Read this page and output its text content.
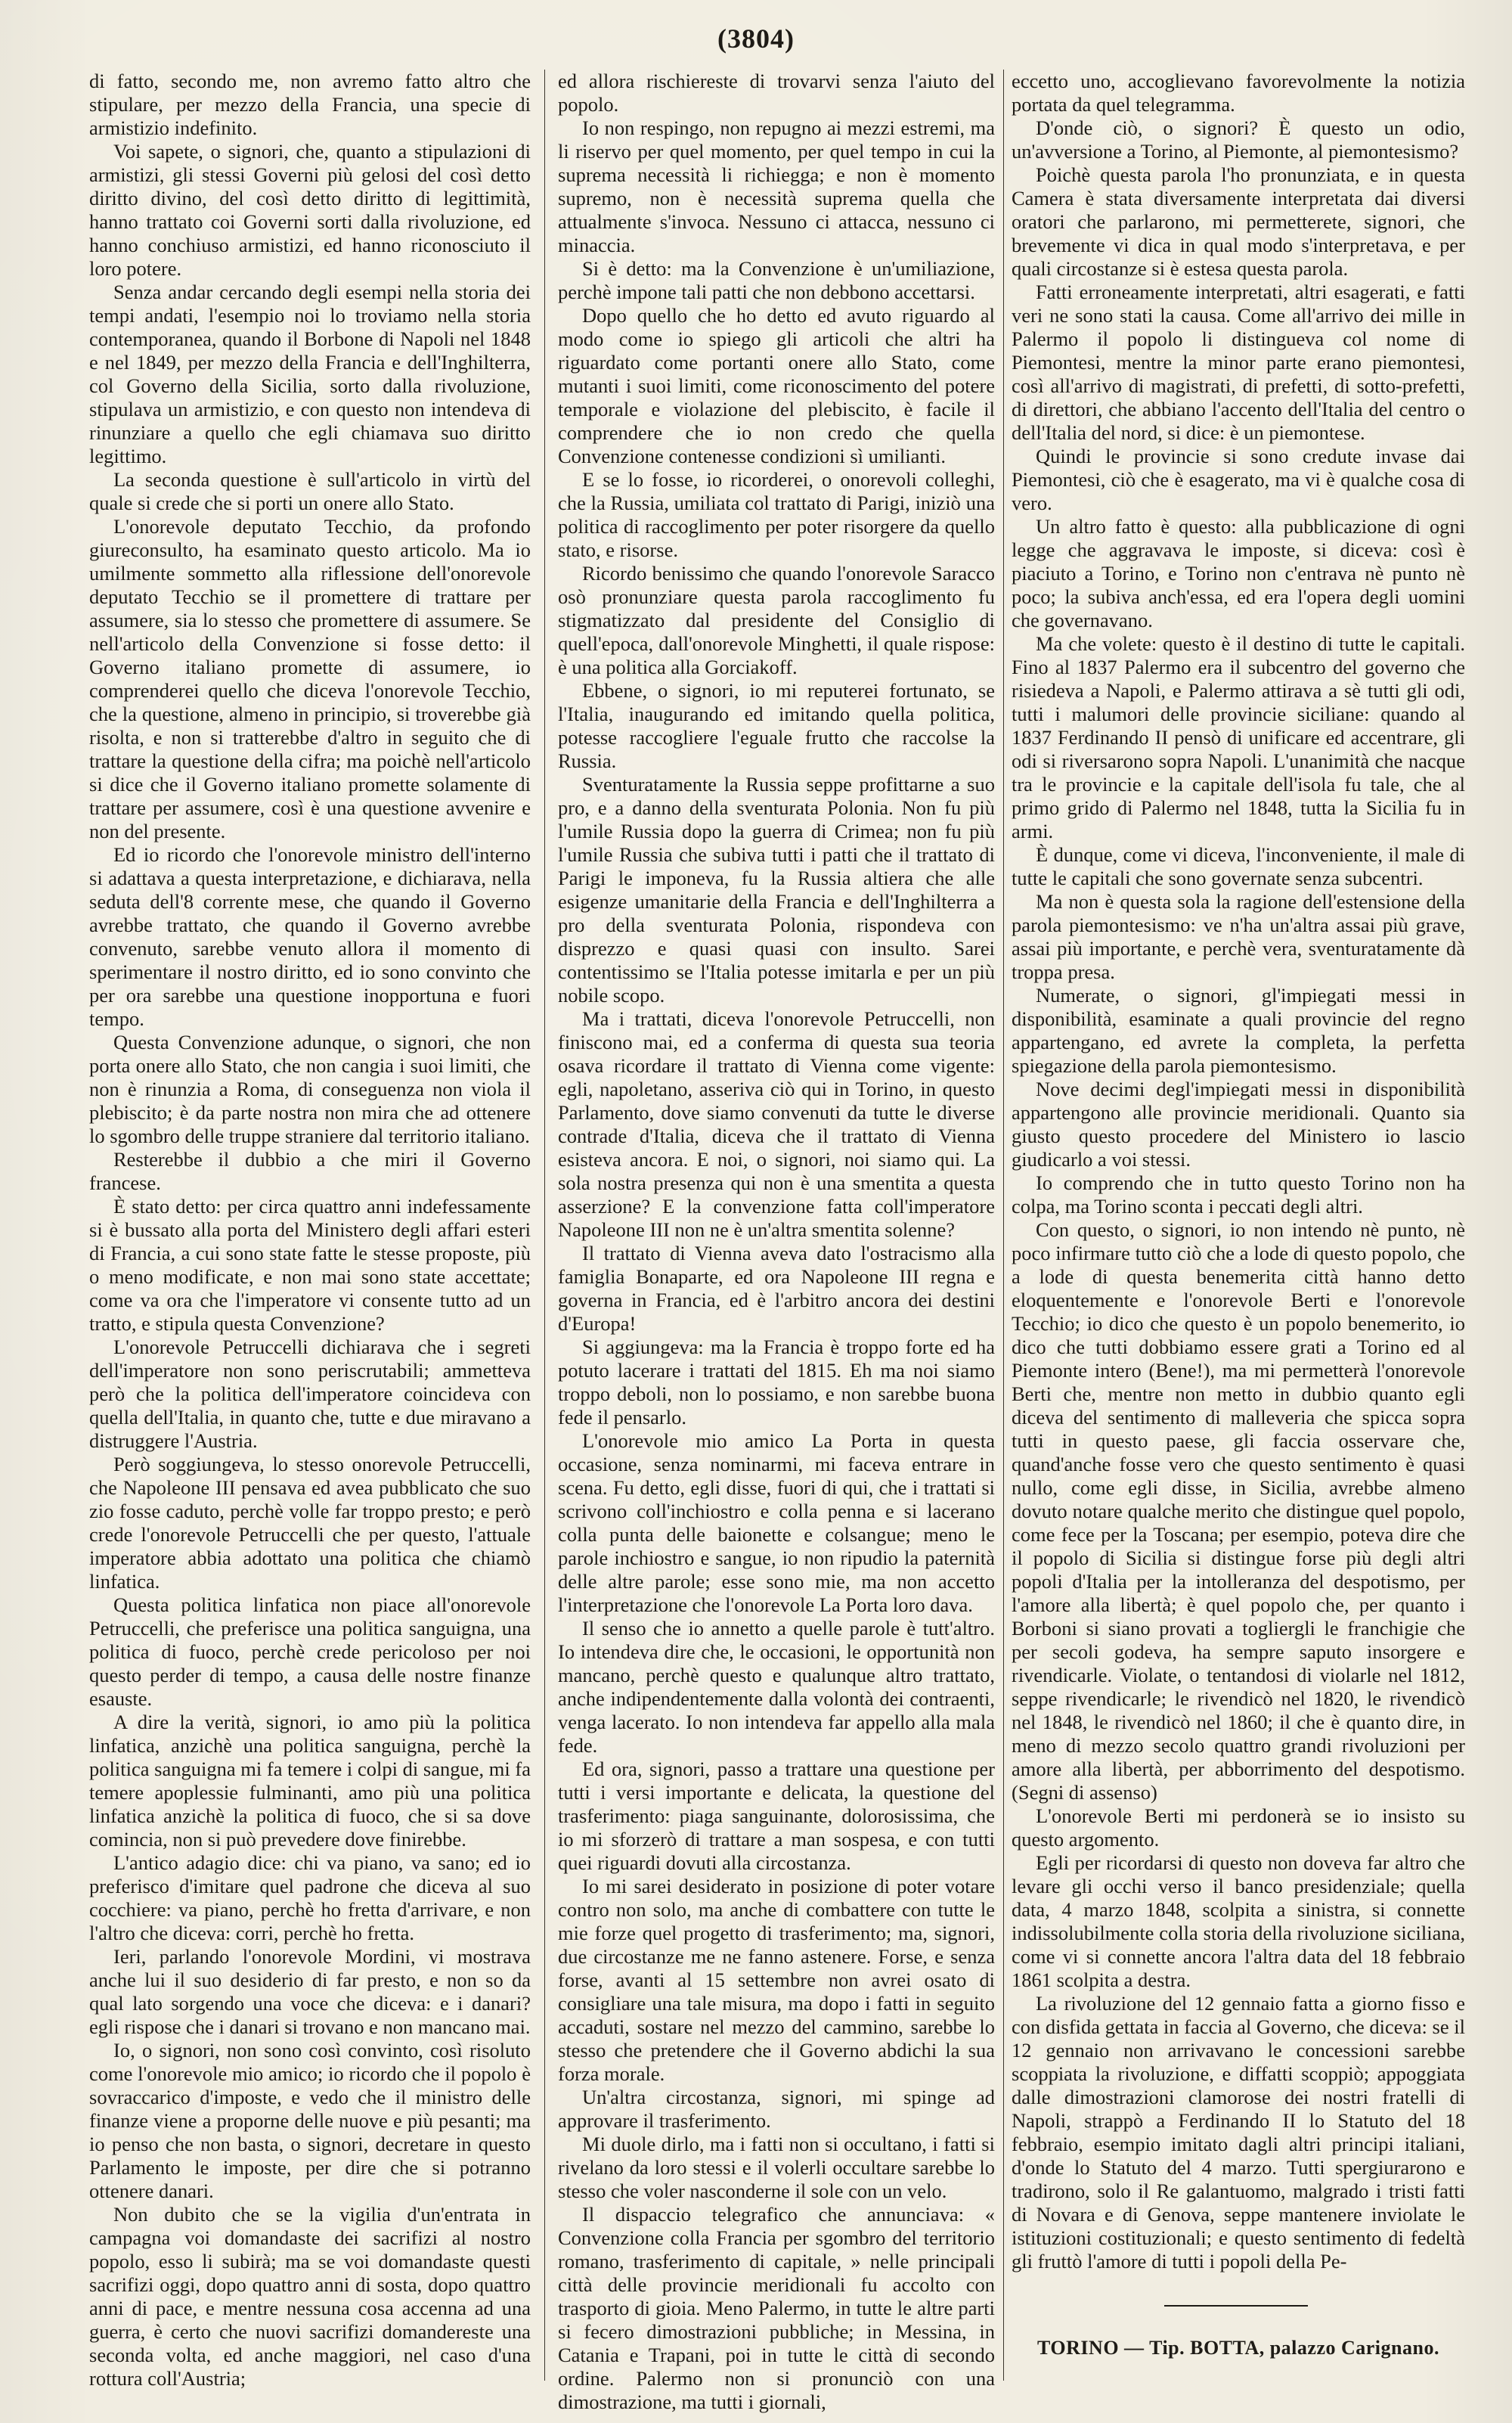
(3804)

di fatto, secondo me, non avremo fatto altro che stipulare, per mezzo della Francia, una specie di armistizio indefinito.

Voi sapete, o signori, che, quanto a stipulazioni di armistizi, gli stessi Governi più gelosi del così detto diritto divino, del così detto diritto di legittimità, hanno trattato coi Governi sorti dalla rivoluzione, ed hanno conchiuso armistizi, ed hanno riconosciuto il loro potere.

Senza andar cercando degli esempi nella storia dei tempi andati, l'esempio noi lo troviamo nella storia contemporanea, quando il Borbone di Napoli nel 1848 e nel 1849, per mezzo della Francia e dell'Inghilterra, col Governo della Sicilia, sorto dalla rivoluzione, stipulava un armistizio, e con questo non intendeva di rinunziare a quello che egli chiamava suo diritto legittimo.

La seconda questione è sull'articolo in virtù del quale si crede che si porti un onere allo Stato.

L'onorevole deputato Tecchio, da profondo giureconsulto, ha esaminato questo articolo. Ma io umilmente sommetto alla riflessione dell'onorevole deputato Tecchio se il promettere di trattare per assumere, sia lo stesso che promettere di assumere. Se nell'articolo della Convenzione si fosse detto: il Governo italiano promette di assumere, io comprenderei quello che diceva l'onorevole Tecchio, che la questione, almeno in principio, si troverebbe già risolta, e non si tratterebbe d'altro in seguito che di trattare la questione della cifra; ma poichè nell'articolo si dice che il Governo italiano promette solamente di trattare per assumere, così è una questione avvenire e non del presente.

Ed io ricordo che l'onorevole ministro dell'interno si adattava a questa interpretazione, e dichiarava, nella seduta dell'8 corrente mese, che quando il Governo avrebbe trattato, che quando il Governo avrebbe convenuto, sarebbe venuto allora il momento di sperimentare il nostro diritto, ed io sono convinto che per ora sarebbe una questione inopportuna e fuori tempo.

Questa Convenzione adunque, o signori, che non porta onere allo Stato, che non cangia i suoi limiti, che non è rinunzia a Roma, di conseguenza non viola il plebiscito; è da parte nostra non mira che ad ottenere lo sgombro delle truppe straniere dal territorio italiano.

Resterebbe il dubbio a che miri il Governo francese.

È stato detto: per circa quattro anni indefessamente si è bussato alla porta del Ministero degli affari esteri di Francia, a cui sono state fatte le stesse proposte, più o meno modificate, e non mai sono state accettate; come va ora che l'imperatore vi consente tutto ad un tratto, e stipula questa Convenzione?

L'onorevole Petruccelli dichiarava che i segreti dell'imperatore non sono periscrutabili; ammetteva però che la politica dell'imperatore coincideva con quella dell'Italia, in quanto che, tutte e due miravano a distruggere l'Austria.

Però soggiungeva, lo stesso onorevole Petruccelli, che Napoleone III pensava ed avea pubblicato che suo zio fosse caduto, perchè volle far troppo presto; e però crede l'onorevole Petruccelli che per questo, l'attuale imperatore abbia adottato una politica che chiamò linfatica.

Questa politica linfatica non piace all'onorevole Petruccelli, che preferisce una politica sanguigna, una politica di fuoco, perchè crede pericoloso per noi questo perder di tempo, a causa delle nostre finanze esauste.

A dire la verità, signori, io amo più la politica linfatica, anzichè una politica sanguigna, perchè la politica sanguigna mi fa temere i colpi di sangue, mi fa temere apoplessie fulminanti, amo più una politica linfatica anzichè la politica di fuoco, che si sa dove comincia, non si può prevedere dove finirebbe.

L'antico adagio dice: chi va piano, va sano; ed io preferisco d'imitare quel padrone che diceva al suo cocchiere: va piano, perchè ho fretta d'arrivare, e non l'altro che diceva: corri, perchè ho fretta.

Ieri, parlando l'onorevole Mordini, vi mostrava anche lui il suo desiderio di far presto, e non so da qual lato sorgendo una voce che diceva: e i danari? egli rispose che i danari si trovano e non mancano mai.

Io, o signori, non sono così convinto, così risoluto come l'onorevole mio amico; io ricordo che il popolo è sovraccarico d'imposte, e vedo che il ministro delle finanze viene a proporne delle nuove e più pesanti; ma io penso che non basta, o signori, decretare in questo Parlamento le imposte, per dire che si potranno ottenere danari.

Non dubito che se la vigilia d'un'entrata in campagna voi domandaste dei sacrifizi al nostro popolo, esso li subirà; ma se voi domandaste questi sacrifizi oggi, dopo quattro anni di sosta, dopo quattro anni di pace, e mentre nessuna cosa accenna ad una guerra, è certo che nuovi sacrifizi domandereste una seconda volta, ed anche maggiori, nel caso d'una rottura coll'Austria;

ed allora rischiereste di trovarvi senza l'aiuto del popolo.

Io non respingo, non repugno ai mezzi estremi, ma li riservo per quel momento, per quel tempo in cui la suprema necessità li richiegga; e non è momento supremo, non è necessità suprema quella che attualmente s'invoca. Nessuno ci attacca, nessuno ci minaccia.

Si è detto: ma la Convenzione è un'umiliazione, perchè impone tali patti che non debbono accettarsi.

Dopo quello che ho detto ed avuto riguardo al modo come io spiego gli articoli che altri ha riguardato come portanti onere allo Stato, come mutanti i suoi limiti, come riconoscimento del potere temporale e violazione del plebiscito, è facile il comprendere che io non credo che quella Convenzione contenesse condizioni sì umilianti.

E se lo fosse, io ricorderei, o onorevoli colleghi, che la Russia, umiliata col trattato di Parigi, iniziò una politica di raccoglimento per poter risorgere da quello stato, e risorse.

Ricordo benissimo che quando l'onorevole Saracco osò pronunziare questa parola raccoglimento fu stigmatizzato dal presidente del Consiglio di quell'epoca, dall'onorevole Minghetti, il quale rispose: è una politica alla Gorciakoff.

Ebbene, o signori, io mi reputerei fortunato, se l'Italia, inaugurando ed imitando quella politica, potesse raccogliere l'eguale frutto che raccolse la Russia.

Sventuratamente la Russia seppe profittarne a suo pro, e a danno della sventurata Polonia. Non fu più l'umile Russia dopo la guerra di Crimea; non fu più l'umile Russia che subiva tutti i patti che il trattato di Parigi le imponeva, fu la Russia altiera che alle esigenze umanitarie della Francia e dell'Inghilterra a pro della sventurata Polonia, rispondeva con disprezzo e quasi quasi con insulto. Sarei contentissimo se l'Italia potesse imitarla e per un più nobile scopo.

Ma i trattati, diceva l'onorevole Petruccelli, non finiscono mai, ed a conferma di questa sua teoria osava ricordare il trattato di Vienna come vigente: egli, napoletano, asseriva ciò qui in Torino, in questo Parlamento, dove siamo convenuti da tutte le diverse contrade d'Italia, diceva che il trattato di Vienna esisteva ancora. E noi, o signori, noi siamo qui. La sola nostra presenza qui non è una smentita a questa asserzione? E la convenzione fatta coll'imperatore Napoleone III non ne è un'altra smentita solenne?

Il trattato di Vienna aveva dato l'ostracismo alla famiglia Bonaparte, ed ora Napoleone III regna e governa in Francia, ed è l'arbitro ancora dei destini d'Europa!

Si aggiungeva: ma la Francia è troppo forte ed ha potuto lacerare i trattati del 1815. Eh ma noi siamo troppo deboli, non lo possiamo, e non sarebbe buona fede il pensarlo.

L'onorevole mio amico La Porta in questa occasione, senza nominarmi, mi faceva entrare in scena. Fu detto, egli disse, fuori di qui, che i trattati si scrivono coll'inchiostro e colla penna e si lacerano colla punta delle baionette e colsangue; meno le parole inchiostro e sangue, io non ripudio la paternità delle altre parole; esse sono mie, ma non accetto l'interpretazione che l'onorevole La Porta loro dava.

Il senso che io annetto a quelle parole è tutt'altro. Io intendeva dire che, le occasioni, le opportunità non mancano, perchè questo e qualunque altro trattato, anche indipendentemente dalla volontà dei contraenti, venga lacerato. Io non intendeva far appello alla mala fede.

Ed ora, signori, passo a trattare una questione per tutti i versi importante e delicata, la questione del trasferimento: piaga sanguinante, dolorosissima, che io mi sforzerò di trattare a man sospesa, e con tutti quei riguardi dovuti alla circostanza.

Io mi sarei desiderato in posizione di poter votare contro non solo, ma anche di combattere con tutte le mie forze quel progetto di trasferimento; ma, signori, due circostanze me ne fanno astenere. Forse, e senza forse, avanti al 15 settembre non avrei osato di consigliare una tale misura, ma dopo i fatti in seguito accaduti, sostare nel mezzo del cammino, sarebbe lo stesso che pretendere che il Governo abdichi la sua forza morale.

Un'altra circostanza, signori, mi spinge ad approvare il trasferimento.

Mi duole dirlo, ma i fatti non si occultano, i fatti si rivelano da loro stessi e il volerli occultare sarebbe lo stesso che voler nasconderne il sole con un velo.

Il dispaccio telegrafico che annunciava: « Convenzione colla Francia per sgombro del territorio romano, trasferimento di capitale, » nelle principali città delle provincie meridionali fu accolto con trasporto di gioia. Meno Palermo, in tutte le altre parti si fecero dimostrazioni pubbliche; in Messina, in Catania e Trapani, poi in tutte le città di secondo ordine. Palermo non si pronunciò con una dimostrazione, ma tutti i giornali,

eccetto uno, accoglievano favorevolmente la notizia portata da quel telegramma.

D'onde ciò, o signori? È questo un odio, un'avversione a Torino, al Piemonte, al piemontesismo?

Poichè questa parola l'ho pronunziata, e in questa Camera è stata diversamente interpretata dai diversi oratori che parlarono, mi permetterete, signori, che brevemente vi dica in qual modo s'interpretava, e per quali circostanze si è estesa questa parola.

Fatti erroneamente interpretati, altri esagerati, e fatti veri ne sono stati la causa. Come all'arrivo dei mille in Palermo il popolo li distingueva col nome di Piemontesi, mentre la minor parte erano piemontesi, così all'arrivo di magistrati, di prefetti, di sotto-prefetti, di direttori, che abbiano l'accento dell'Italia del centro o dell'Italia del nord, si dice: è un piemontese.

Quindi le provincie si sono credute invase dai Piemontesi, ciò che è esagerato, ma vi è qualche cosa di vero.

Un altro fatto è questo: alla pubblicazione di ogni legge che aggravava le imposte, si diceva: così è piaciuto a Torino, e Torino non c'entrava nè punto nè poco; la subiva anch'essa, ed era l'opera degli uomini che governavano.

Ma che volete: questo è il destino di tutte le capitali. Fino al 1837 Palermo era il subcentro del governo che risiedeva a Napoli, e Palermo attirava a sè tutti gli odi, tutti i malumori delle provincie siciliane: quando al 1837 Ferdinando II pensò di unificare ed accentrare, gli odi si riversarono sopra Napoli. L'unanimità che nacque tra le provincie e la capitale dell'isola fu tale, che al primo grido di Palermo nel 1848, tutta la Sicilia fu in armi.

È dunque, come vi diceva, l'inconveniente, il male di tutte le capitali che sono governate senza subcentri.

Ma non è questa sola la ragione dell'estensione della parola piemontesismo: ve n'ha un'altra assai più grave, assai più importante, e perchè vera, sventuratamente dà troppa presa.

Numerate, o signori, gl'impiegati messi in disponibilità, esaminate a quali provincie del regno appartengano, ed avrete la completa, la perfetta spiegazione della parola piemontesismo.

Nove decimi degl'impiegati messi in disponibilità appartengono alle provincie meridionali. Quanto sia giusto questo procedere del Ministero io lascio giudicarlo a voi stessi.

Io comprendo che in tutto questo Torino non ha colpa, ma Torino sconta i peccati degli altri.

Con questo, o signori, io non intendo nè punto, nè poco infirmare tutto ciò che a lode di questo popolo, che a lode di questa benemerita città hanno detto eloquentemente e l'onorevole Berti e l'onorevole Tecchio; io dico che questo è un popolo benemerito, io dico che tutti dobbiamo essere grati a Torino ed al Piemonte intero (Bene!), ma mi permetterà l'onorevole Berti che, mentre non metto in dubbio quanto egli diceva del sentimento di malleveria che spicca sopra tutti in questo paese, gli faccia osservare che, quand'anche fosse vero che questo sentimento è quasi nullo, come egli disse, in Sicilia, avrebbe almeno dovuto notare qualche merito che distingue quel popolo, come fece per la Toscana; per esempio, poteva dire che il popolo di Sicilia si distingue forse più degli altri popoli d'Italia per la intolleranza del despotismo, per l'amore alla libertà; è quel popolo che, per quanto i Borboni si siano provati a togliergli le franchigie che per secoli godeva, ha sempre saputo insorgere e rivendicarle. Violate, o tentandosi di violarle nel 1812, seppe rivendicarle; le rivendicò nel 1820, le rivendicò nel 1848, le rivendicò nel 1860; il che è quanto dire, in meno di mezzo secolo quattro grandi rivoluzioni per amore alla libertà, per abborrimento del despotismo. (Segni di assenso)

L'onorevole Berti mi perdonerà se io insisto su questo argomento.

Egli per ricordarsi di questo non doveva far altro che levare gli occhi verso il banco presidenziale; quella data, 4 marzo 1848, scolpita a sinistra, si connette indissolubilmente colla storia della rivoluzione siciliana, come vi si connette ancora l'altra data del 18 febbraio 1861 scolpita a destra.

La rivoluzione del 12 gennaio fatta a giorno fisso e con disfida gettata in faccia al Governo, che diceva: se il 12 gennaio non arrivavano le concessioni sarebbe scoppiata la rivoluzione, e diffatti scoppiò; appoggiata dalle dimostrazioni clamorose dei nostri fratelli di Napoli, strappò a Ferdinando II lo Statuto del 18 febbraio, esempio imitato dagli altri principi italiani, d'onde lo Statuto del 4 marzo. Tutti spergiurarono e tradirono, solo il Re galantuomo, malgrado i tristi fatti di Novara e di Genova, seppe mantenere inviolate le istituzioni costituzionali; e questo sentimento di fedeltà gli fruttò l'amore di tutti i popoli della Pe-

TORINO — Tip. BOTTA, palazzo Carignano.
